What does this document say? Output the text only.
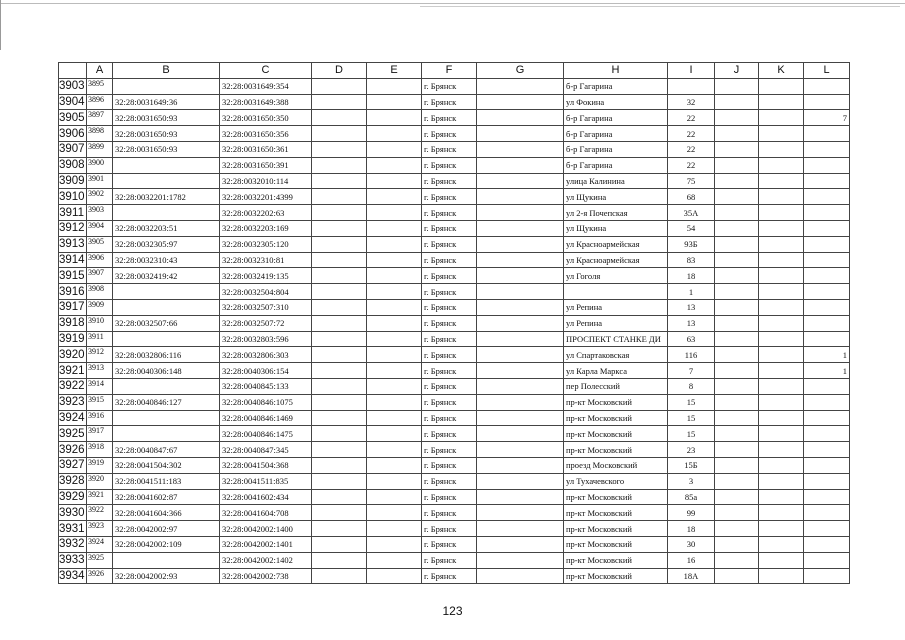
	A	B	C	D	E	F	G	H	I	J	K	L
3903	3895		32:28:0031649:354			г. Брянск		б-р Гагарина				
3904	3896	32:28:0031649:36	32:28:0031649:388			г. Брянск		ул Фокина	32			
3905	3897	32:28:0031650:93	32:28:0031650:350			г. Брянск		б-р Гагарина	22			7
3906	3898	32:28:0031650:93	32:28:0031650:356			г. Брянск		б-р Гагарина	22			
3907	3899	32:28:0031650:93	32:28:0031650:361			г. Брянск		б-р Гагарина	22			
3908	3900		32:28:0031650:391			г. Брянск		б-р Гагарина	22			
3909	3901		32:28:0032010:114			г. Брянск		улица Калинина	75			
3910	3902	32:28:0032201:1782	32:28:0032201:4399			г. Брянск		ул Щукина	68			
3911	3903		32:28:0032202:63			г. Брянск		ул 2-я Почепская	35А			
3912	3904	32:28:0032203:51	32:28:0032203:169			г. Брянск		ул Щукина	54			
3913	3905	32:28:0032305:97	32:28:0032305:120			г. Брянск		ул Красноармейская	93Б			
3914	3906	32:28:0032310:43	32:28:0032310:81			г. Брянск		ул Красноармейская	83			
3915	3907	32:28:0032419:42	32:28:0032419:135			г. Брянск		ул Гоголя	18			
3916	3908		32:28:0032504:804			г. Брянск			1			
3917	3909		32:28:0032507:310			г. Брянск		ул Репина	13			
3918	3910	32:28:0032507:66	32:28:0032507:72			г. Брянск		ул Репина	13			
3919	3911		32:28:0032803:596			г. Брянск		ПРОСПЕКТ СТАНКЕ ДИ	63			
3920	3912	32:28:0032806:116	32:28:0032806:303			г. Брянск		ул Спартаковская	116			1
3921	3913	32:28:0040306:148	32:28:0040306:154			г. Брянск		ул Карла Маркса	7			1
3922	3914		32:28:0040845:133			г. Брянск		пер Полесский	8			
3923	3915	32:28:0040846:127	32:28:0040846:1075			г. Брянск		пр-кт Московский	15			
3924	3916		32:28:0040846:1469			г. Брянск		пр-кт Московский	15			
3925	3917		32:28:0040846:1475			г. Брянск		пр-кт Московский	15			
3926	3918	32:28:0040847:67	32:28:0040847:345			г. Брянск		пр-кт Московский	23			
3927	3919	32:28:0041504:302	32:28:0041504:368			г. Брянск		проезд Московский	15Б			
3928	3920	32:28:0041511:183	32:28:0041511:835			г. Брянск		ул Тухачевского	3			
3929	3921	32:28:0041602:87	32:28:0041602:434			г. Брянск		пр-кт Московский	85а			
3930	3922	32:28:0041604:366	32:28:0041604:708			г. Брянск		пр-кт Московский	99			
3931	3923	32:28:0042002:97	32:28:0042002:1400			г. Брянск		пр-кт Московский	18			
3932	3924	32:28:0042002:109	32:28:0042002:1401			г. Брянск		пр-кт Московский	30			
3933	3925		32:28:0042002:1402			г. Брянск		пр-кт Московский	16			
3934	3926	32:28:0042002:93	32:28:0042002:738			г. Брянск		пр-кт Московский	18А			
123
